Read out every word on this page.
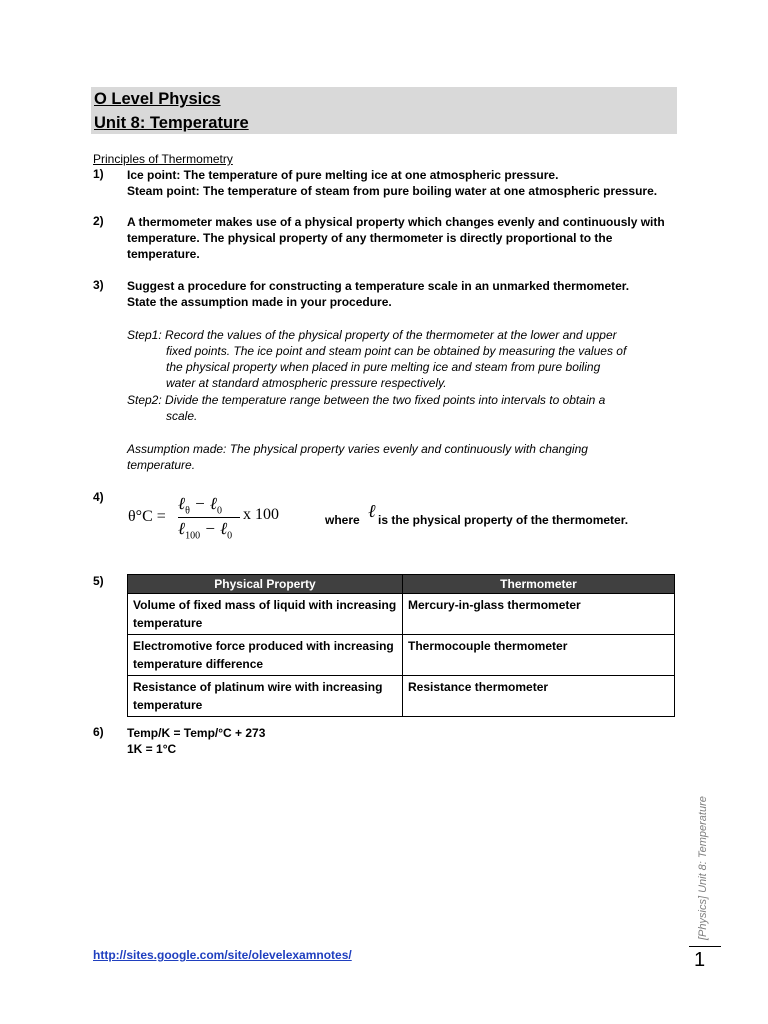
O Level Physics
Unit 8: Temperature
Principles of Thermometry
1) Ice point: The temperature of pure melting ice at one atmospheric pressure.
Steam point: The temperature of steam from pure boiling water at one atmospheric pressure.
2) A thermometer makes use of a physical property which changes evenly and continuously with
temperature. The physical property of any thermometer is directly proportional to the
temperature.
3) Suggest a procedure for constructing a temperature scale in an unmarked thermometer.
State the assumption made in your procedure.
Step1: Record the values of the physical property of the thermometer at the lower and upper
fixed points. The ice point and steam point can be obtained by measuring the values of
the physical property when placed in pure melting ice and steam from pure boiling
water at standard atmospheric pressure respectively.
Step2: Divide the temperature range between the two fixed points into intervals to obtain a
scale.
Assumption made: The physical property varies evenly and continuously with changing
temperature.
4)
θ°C =
ℓ$_\theta$ − ℓ$_0$
ℓ$_{100}$ − ℓ$_0$
x 100	where ℓ is the physical property of the thermometer.
5)	Physical Property	Thermometer
Volume of fixed mass of liquid with increasing temperature	Mercury-in-glass thermometer
Electromotive force produced with increasing temperature difference	Thermocouple thermometer
Resistance of platinum wire with increasing temperature	Resistance thermometer
6) Temp/K = Temp/°C + 273
1K = 1°C
[Physics] Unit 8: Temperature
1
http://sites.google.com/site/olevelexamnotes/
